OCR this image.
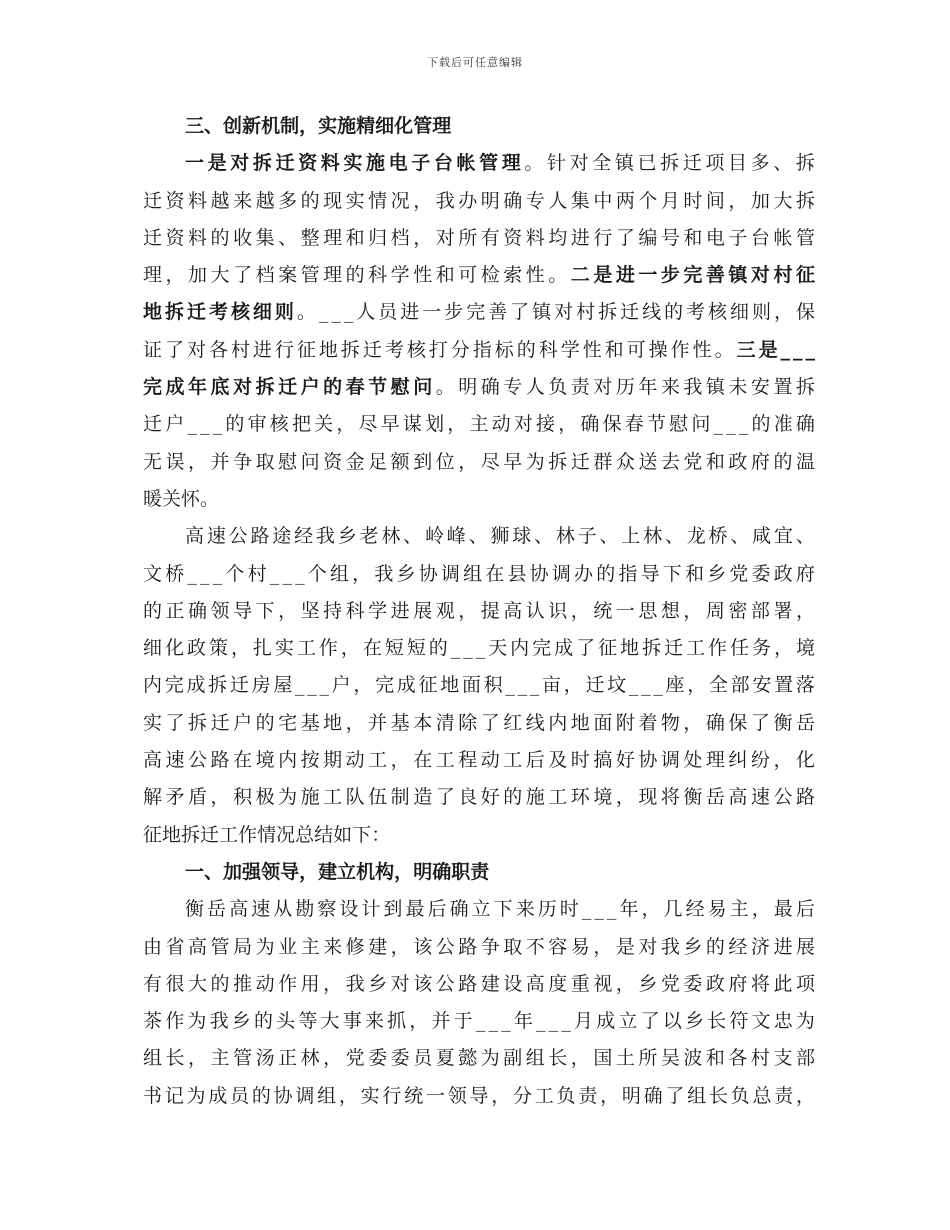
下载后可任意编辑
三 、 创 新 机 制 ， 实 施 精 细 化 管 理
一 是 对 拆 迁 资 料 实 施 电 子 台 帐 管 理 。 针 对 全 镇 已 拆 迁 项 目 多 、 拆
迁 资 料 越 来 越 多 的 现 实 情 况 ， 我 办 明 确 专 人 集 中 两 个 月 时 间 ， 加 大 拆
迁 资 料 的 收 集 、 整 理 和 归 档 ， 对 所 有 资 料 均 进 行 了 编 号 和 电 子 台 帐 管
理 ， 加 大 了 档 案 管 理 的 科 学 性 和 可 检 索 性 。 二 是 进 一 步 完 善 镇 对 村 征
地 拆 迁 考 核 细 则 。 _ _ _ 人 员 进 一 步 完 善 了 镇 对 村 拆 迁 线 的 考 核 细 则 ， 保
证 了 对 各 村 进 行 征 地 拆 迁 考 核 打 分 指 标 的 科 学 性 和 可 操 作 性 。 三 是 _ _ _
完 成 年 底 对 拆 迁 户 的 春 节 慰 问 。 明 确 专 人 负 责 对 历 年 来 我 镇 未 安 置 拆
迁 户 _ _ _ 的 审 核 把 关 ， 尽 早 谋 划 ， 主 动 对 接 ， 确 保 春 节 慰 问 _ _ _ 的 准 确
无 误 ， 并 争 取 慰 问 资 金 足 额 到 位 ， 尽 早 为 拆 迁 群 众 送 去 党 和 政 府 的 温
暖 关 怀 。
高 速 公 路 途 经 我 乡 老 林 、 岭 峰 、 狮 球 、 林 子 、 上 林 、 龙 桥 、 咸 宜 、
文 桥 _ _ _ 个 村 _ _ _ 个 组 ， 我 乡 协 调 组 在 县 协 调 办 的 指 导 下 和 乡 党 委 政 府
的 正 确 领 导 下 ， 坚 持 科 学 进 展 观 ， 提 高 认 识 ， 统 一 思 想 ， 周 密 部 署 ，
细 化 政 策 ， 扎 实 工 作 ， 在 短 短 的 _ _ _ 天 内 完 成 了 征 地 拆 迁 工 作 任 务 ， 境
内 完 成 拆 迁 房 屋 _ _ _ 户 ， 完 成 征 地 面 积 _ _ _ 亩 ， 迁 坟 _ _ _ 座 ， 全 部 安 置 落
实 了 拆 迁 户 的 宅 基 地 ， 并 基 本 清 除 了 红 线 内 地 面 附 着 物 ， 确 保 了 衡 岳
高 速 公 路 在 境 内 按 期 动 工 ， 在 工 程 动 工 后 及 时 搞 好 协 调 处 理 纠 纷 ， 化
解 矛 盾 ， 积 极 为 施 工 队 伍 制 造 了 良 好 的 施 工 环 境 ， 现 将 衡 岳 高 速 公 路
征 地 拆 迁 工 作 情 况 总 结 如 下 ：
一 、 加 强 领 导 ， 建 立 机 构 ， 明 确 职 责
衡 岳 高 速 从 勘 察 设 计 到 最 后 确 立 下 来 历 时 _ _ _ 年 ， 几 经 易 主 ， 最 后
由 省 高 管 局 为 业 主 来 修 建 ， 该 公 路 争 取 不 容 易 ， 是 对 我 乡 的 经 济 进 展
有 很 大 的 推 动 作 用 ， 我 乡 对 该 公 路 建 设 高 度 重 视 ， 乡 党 委 政 府 将 此 项
茶 作 为 我 乡 的 头 等 大 事 来 抓 ， 并 于 _ _ _ 年 _ _ _ 月 成 立 了 以 乡 长 符 文 忠 为
组 长 ， 主 管 汤 正 林 ， 党 委 委 员 夏 懿 为 副 组 长 ， 国 土 所 吴 波 和 各 村 支 部
书 记 为 成 员 的 协 调 组 ， 实 行 统 一 领 导 ， 分 工 负 责 ， 明 确 了 组 长 负 总 责 ，
